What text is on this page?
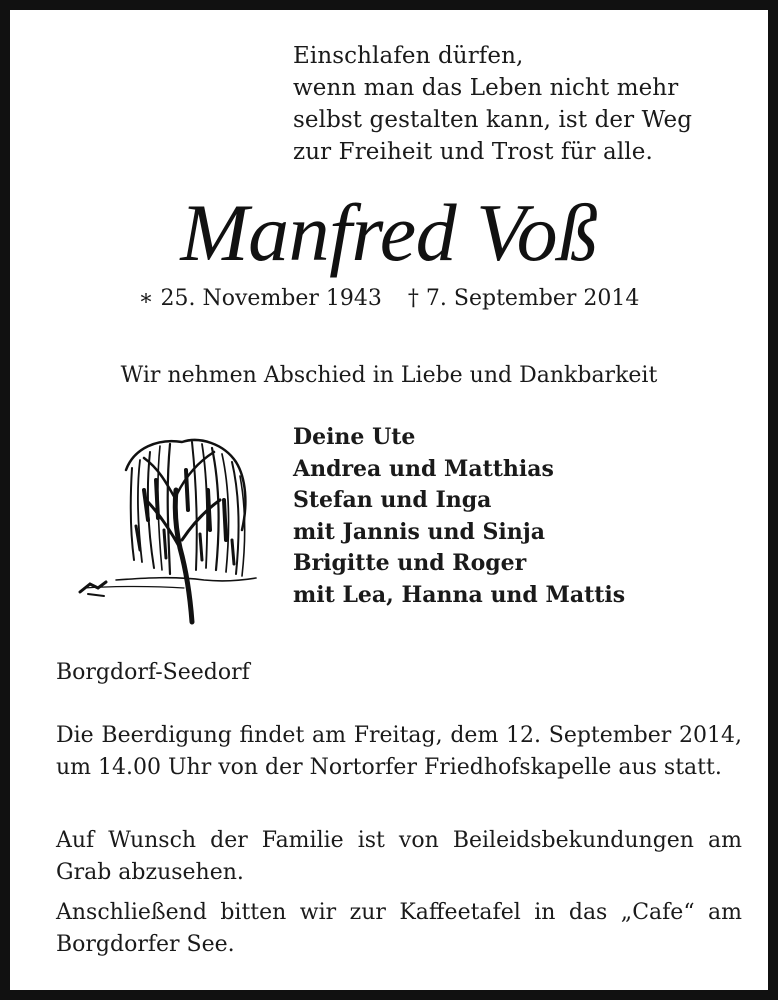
Einschlafen dürfen,
wenn man das Leben nicht mehr
selbst gestalten kann, ist der Weg
zur Freiheit und Trost für alle.
Manfred Voß
∗ 25. November 1943 † 7. September 2014
Wir nehmen Abschied in Liebe und Dankbarkeit
Deine Ute
Andrea und Matthias
Stefan und Inga
mit Jannis und Sinja
Brigitte und Roger
mit Lea, Hanna und Mattis
Borgdorf-Seedorf
Die Beerdigung findet am Freitag, dem 12. September 2014, um 14.00 Uhr von der Nortorfer Friedhofskapelle aus statt.
Auf Wunsch der Familie ist von Beileidsbekundungen am Grab abzusehen.
Anschließend bitten wir zur Kaffeetafel in das „Cafe“ am Borgdorfer See.
